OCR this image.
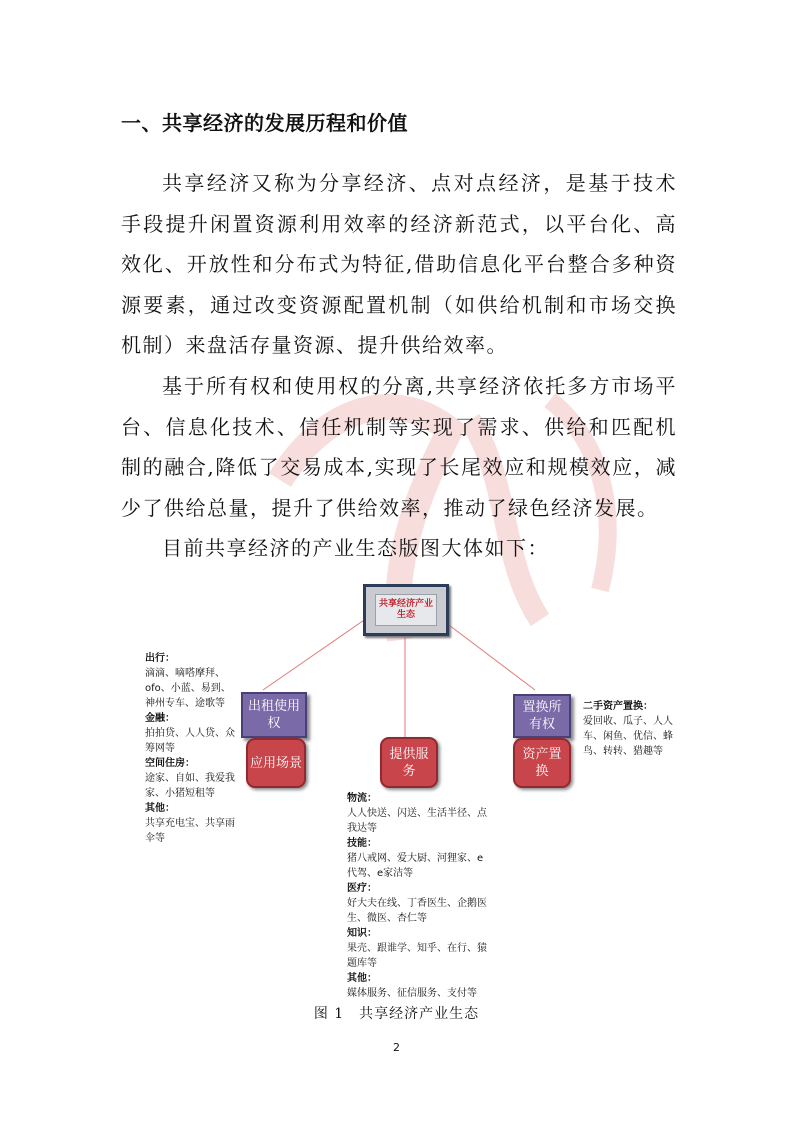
一、共享经济的发展历程和价值
共享经济又称为分享经济、点对点经济，是基于技术手段提升闲置资源利用效率的经济新范式，以平台化、高效化、开放性和分布式为特征,借助信息化平台整合多种资源要素，通过改变资源配置机制（如供给机制和市场交换机制）来盘活存量资源、提升供给效率。
基于所有权和使用权的分离,共享经济依托多方市场平台、信息化技术、信任机制等实现了需求、供给和匹配机制的融合,降低了交易成本,实现了长尾效应和规模效应，减少了供给总量，提升了供给效率，推动了绿色经济发展。
目前共享经济的产业生态版图大体如下：
共享经济产业生态
出租使用权
应用场景
提供服务
置换所有权
资产置换
出行：
滴滴、嘀嗒摩拜、ofo、小蓝、易到、神州专车、途歌等
金融：
拍拍贷、人人贷、众筹网等
空间住房：
途家、自如、我爱我家、小猪短租等
其他：
共享充电宝、共享雨伞等
物流：
人人快送、闪送、生活半径、点我达等
技能：
猪八戒网、爱大厨、河狸家、e代驾、e家洁等
医疗：
好大夫在线、丁香医生、企鹅医生、微医、杏仁等
知识：
果壳、跟谁学、知乎、在行、猿题库等
其他：
媒体服务、征信服务、支付等
二手资产置换：
爱回收、瓜子、人人车、闲鱼、优信、蜂鸟、转转、猎趣等
图 1　共享经济产业生态
2
